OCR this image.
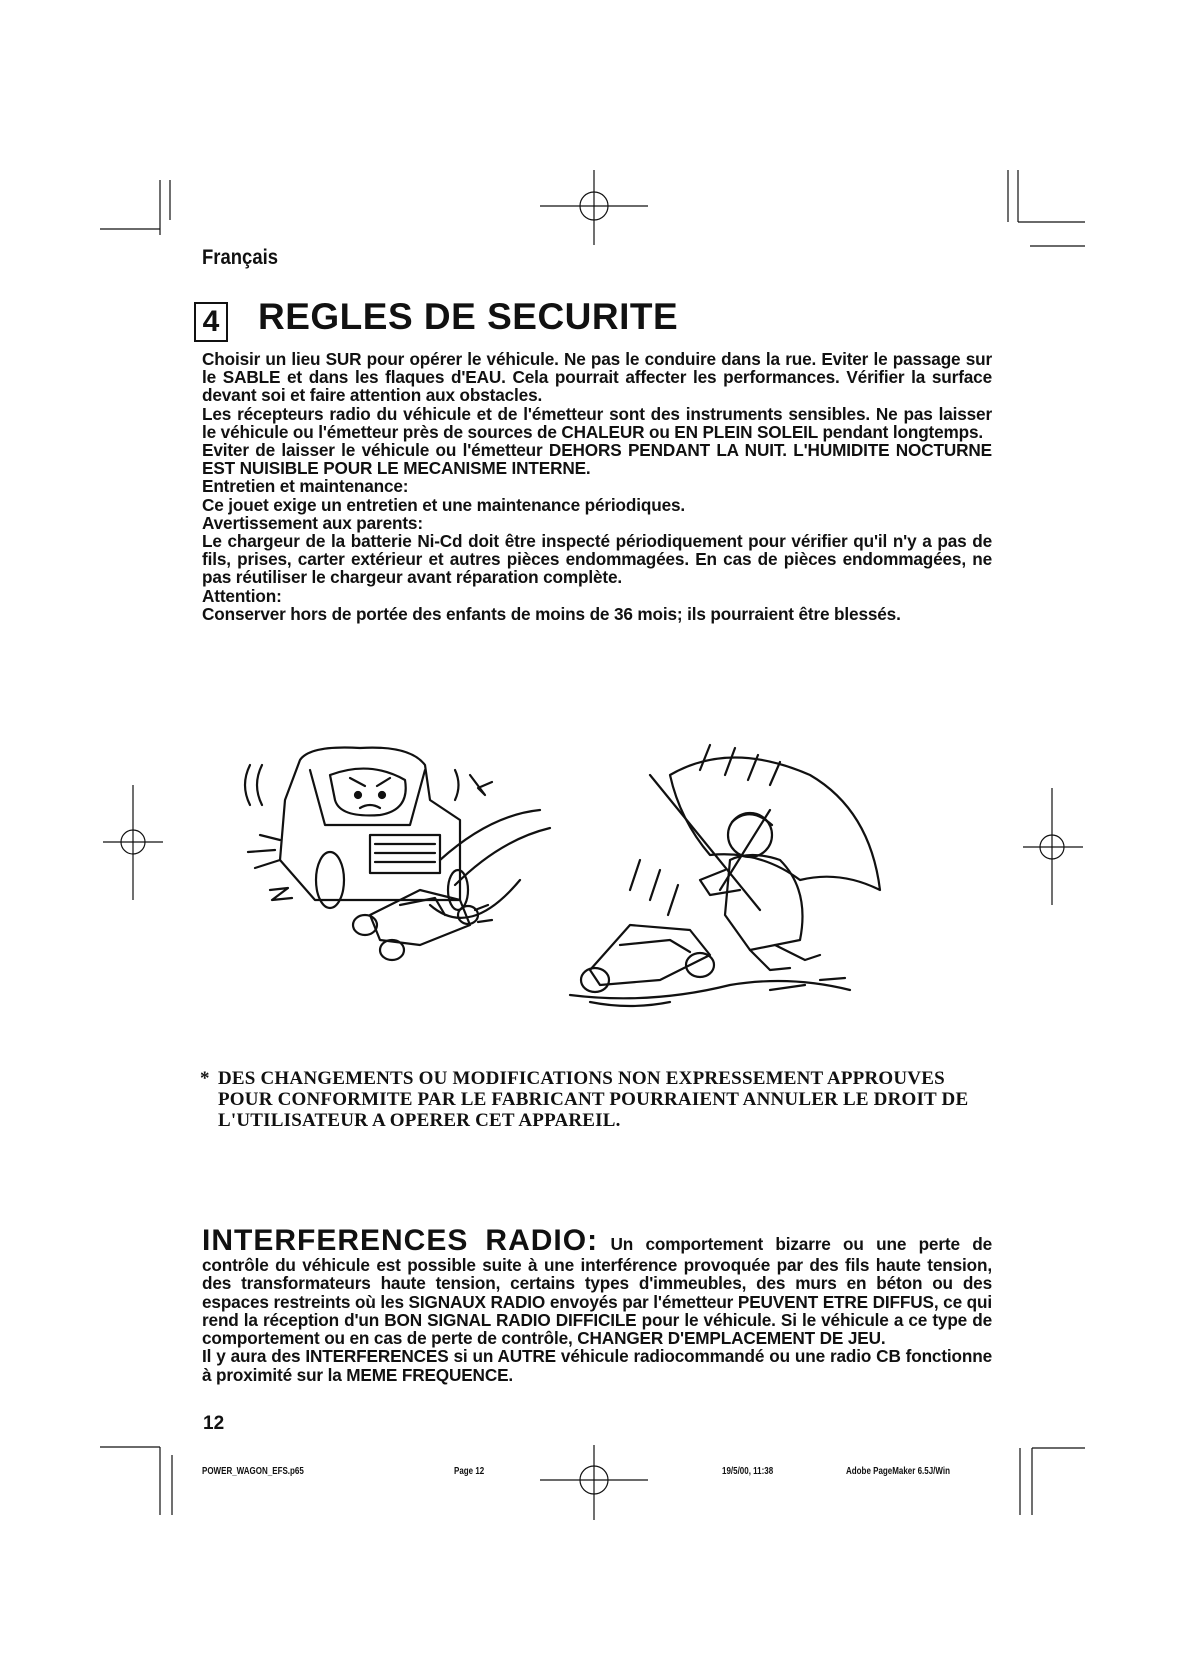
Français
4 REGLES DE SECURITE

Choisir un lieu SUR pour opérer le véhicule. Ne pas le conduire dans la rue. Eviter le passage sur le SABLE et dans les flaques d'EAU. Cela pourrait affecter les performances. Vérifier la surface devant soi et faire attention aux obstacles.

Les récepteurs radio du véhicule et de l'émetteur sont des instruments sensibles. Ne pas laisser le véhicule ou l'émetteur près de sources de CHALEUR ou EN PLEIN SOLEIL pendant longtemps.

Eviter de laisser le véhicule ou l'émetteur DEHORS PENDANT LA NUIT. L'HUMIDITE NOCTURNE EST NUISIBLE POUR LE MECANISME INTERNE.

Entretien et maintenance:

Ce jouet exige un entretien et une maintenance périodiques.

Avertissement aux parents:

Le chargeur de la batterie Ni-Cd doit être inspecté périodiquement pour vérifier qu'il n'y a pas de fils, prises, carter extérieur et autres pièces endommagées. En cas de pièces endommagées, ne pas réutiliser le chargeur avant réparation complète.

Attention:

Conserver hors de portée des enfants de moins de 36 mois; ils pourraient être blessés.

* DES CHANGEMENTS OU MODIFICATIONS NON EXPRESSEMENT APPROUVES POUR CONFORMITE PAR LE FABRICANT POURRAIENT ANNULER LE DROIT DE L'UTILISATEUR A OPERER CET APPAREIL.

INTERFERENCES RADIO: Un comportement bizarre ou une perte de contrôle du véhicule est possible suite à une interférence provoquée par des fils haute tension, des transformateurs haute tension, certains types d'immeubles, des murs en béton ou des espaces restreints où les SIGNAUX RADIO envoyés par l'émetteur PEUVENT ETRE DIFFUS, ce qui rend la réception d'un BON SIGNAL RADIO DIFFICILE pour le véhicule. Si le véhicule a ce type de comportement ou en cas de perte de contrôle, CHANGER D'EMPLACEMENT DE JEU.

Il y aura des INTERFERENCES si un AUTRE véhicule radiocommandé ou une radio CB fonctionne à proximité sur la MEME FREQUENCE.

12
POWER_WAGON_EFS.p65	Page 12	19/5/00, 11:38	Adobe PageMaker 6.5J/Win
